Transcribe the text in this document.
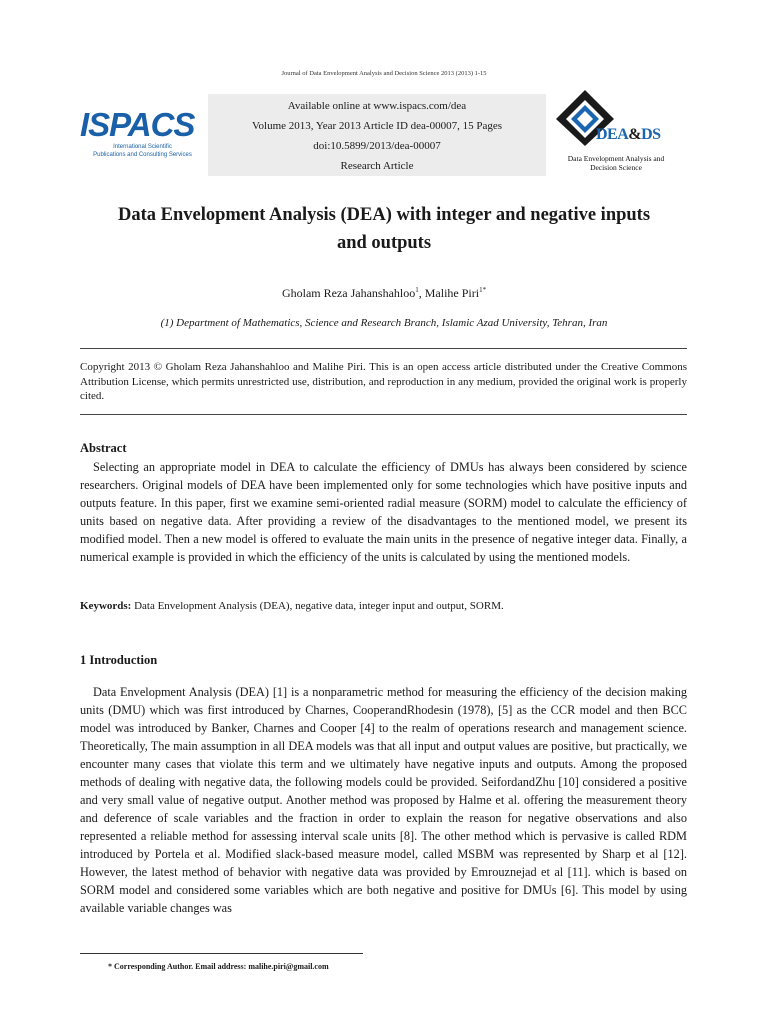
Journal of Data Envelopment Analysis and Decision Science 2013 (2013) 1-15
ISPACS
International Scientific
Publications and Consulting Services
Available online at www.ispacs.com/dea
Volume 2013, Year 2013 Article ID dea-00007, 15 Pages
doi:10.5899/2013/dea-00007
Research Article
DEA&DS
Data Envelopment Analysis and
Decision Science
Data Envelopment Analysis (DEA) with integer and negative inputs
and outputs
Gholam Reza Jahanshahloo$^1$, Malihe Piri$^{1*}$
(1) Department of Mathematics, Science and Research Branch, Islamic Azad University, Tehran, Iran
Copyright 2013 © Gholam Reza Jahanshahloo and Malihe Piri. This is an open access article distributed under the Creative Commons Attribution License, which permits unrestricted use, distribution, and reproduction in any medium, provided the original work is properly cited.
Abstract
Selecting an appropriate model in DEA to calculate the efficiency of DMUs has always been considered by science researchers. Original models of DEA have been implemented only for some technologies which have positive inputs and outputs feature. In this paper, first we examine semi-oriented radial measure (SORM) model to calculate the efficiency of units based on negative data. After providing a review of the disadvantages to the mentioned model, we present its modified model. Then a new model is offered to evaluate the main units in the presence of negative integer data. Finally, a numerical example is provided in which the efficiency of the units is calculated by using the mentioned models.
Keywords: Data Envelopment Analysis (DEA), negative data, integer input and output, SORM.
1 Introduction
Data Envelopment Analysis (DEA) [1] is a nonparametric method for measuring the efficiency of the decision making units (DMU) which was first introduced by Charnes, CooperandRhodesin (1978), [5] as the CCR model and then BCC model was introduced by Banker, Charnes and Cooper [4] to the realm of operations research and management science. Theoretically, The main assumption in all DEA models was that all input and output values are positive, but practically, we encounter many cases that violate this term and we ultimately have negative inputs and outputs. Among the proposed methods of dealing with negative data, the following models could be provided. SeifordandZhu [10] considered a positive and very small value of negative output. Another method was proposed by Halme et al. offering the measurement theory and deference of scale variables and the fraction in order to explain the reason for negative observations and also represented a reliable method for assessing interval scale units [8]. The other method which is pervasive is called RDM introduced by Portela et al. Modified slack-based measure model, called MSBM was represented by Sharp et al [12]. However, the latest method of behavior with negative data was provided by Emrouznejad et al [11]. which is based on SORM model and considered some variables which are both negative and positive for DMUs [6]. This model by using available variable changes was
* Corresponding Author. Email address: malihe.piri@gmail.com
